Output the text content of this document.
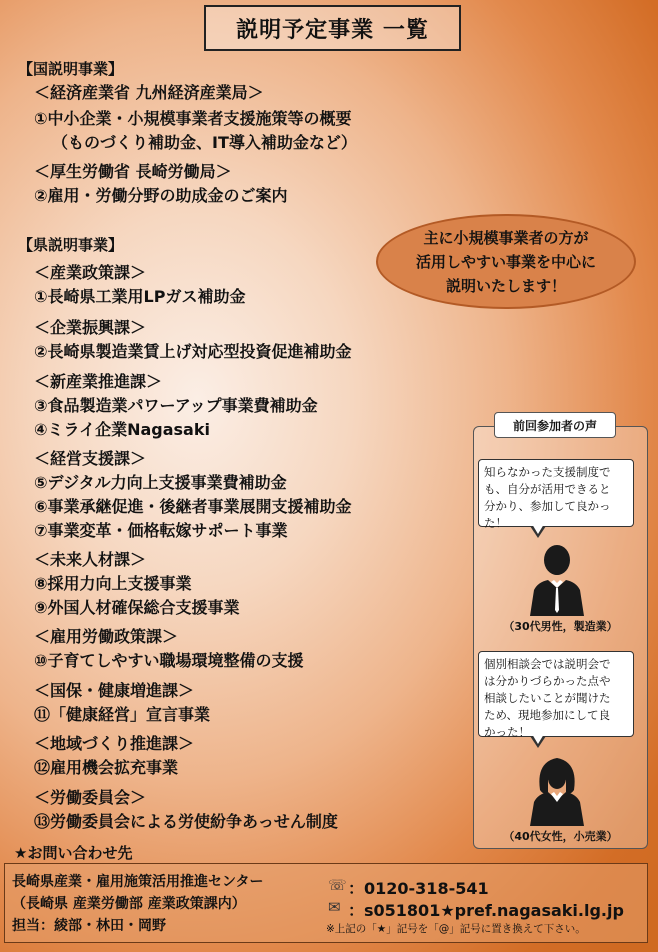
説明予定事業 一覧
【国説明事業】
＜経済産業省 九州経済産業局＞
①中小企業・小規模事業者支援施策等の概要
（ものづくり補助金、IT導入補助金など）
＜厚生労働省 長崎労働局＞
②雇用・労働分野の助成金のご案内
【県説明事業】
＜産業政策課＞
①長崎県工業用LPガス補助金
＜企業振興課＞
②長崎県製造業賃上げ対応型投資促進補助金
＜新産業推進課＞
③食品製造業パワーアップ事業費補助金
④ミライ企業Nagasaki
＜経営支援課＞
⑤デジタル力向上支援事業費補助金
⑥事業承継促進・後継者事業展開支援補助金
⑦事業変革・価格転嫁サポート事業
＜未来人材課＞
⑧採用力向上支援事業
⑨外国人材確保総合支援事業
＜雇用労働政策課＞
⑩子育てしやすい職場環境整備の支援
＜国保・健康増進課＞
⑪「健康経営」宣言事業
＜地域づくり推進課＞
⑫雇用機会拡充事業
＜労働委員会＞
⑬労働委員会による労使紛争あっせん制度
主に小規模事業者の方が
活用しやすい事業を中心に
説明いたします！
前回参加者の声
知らなかった支援制度で
も、自分が活用できると
分かり、参加して良かっ
た！
（30代男性，製造業）
個別相談会では説明会で
は分かりづらかった点や
相談したいことが聞けた
ため、現地参加にして良
かった！
（40代女性，小売業）
★お問い合わせ先
長崎県産業・雇用施策活用推進センター
（長崎県 産業労働部 産業政策課内）
担当：綾部・林田・岡野
☏ ：0120-318-541
✉ ：s051801★pref.nagasaki.lg.jp
※上記の「★」記号を「@」記号に置き換えて下さい。
